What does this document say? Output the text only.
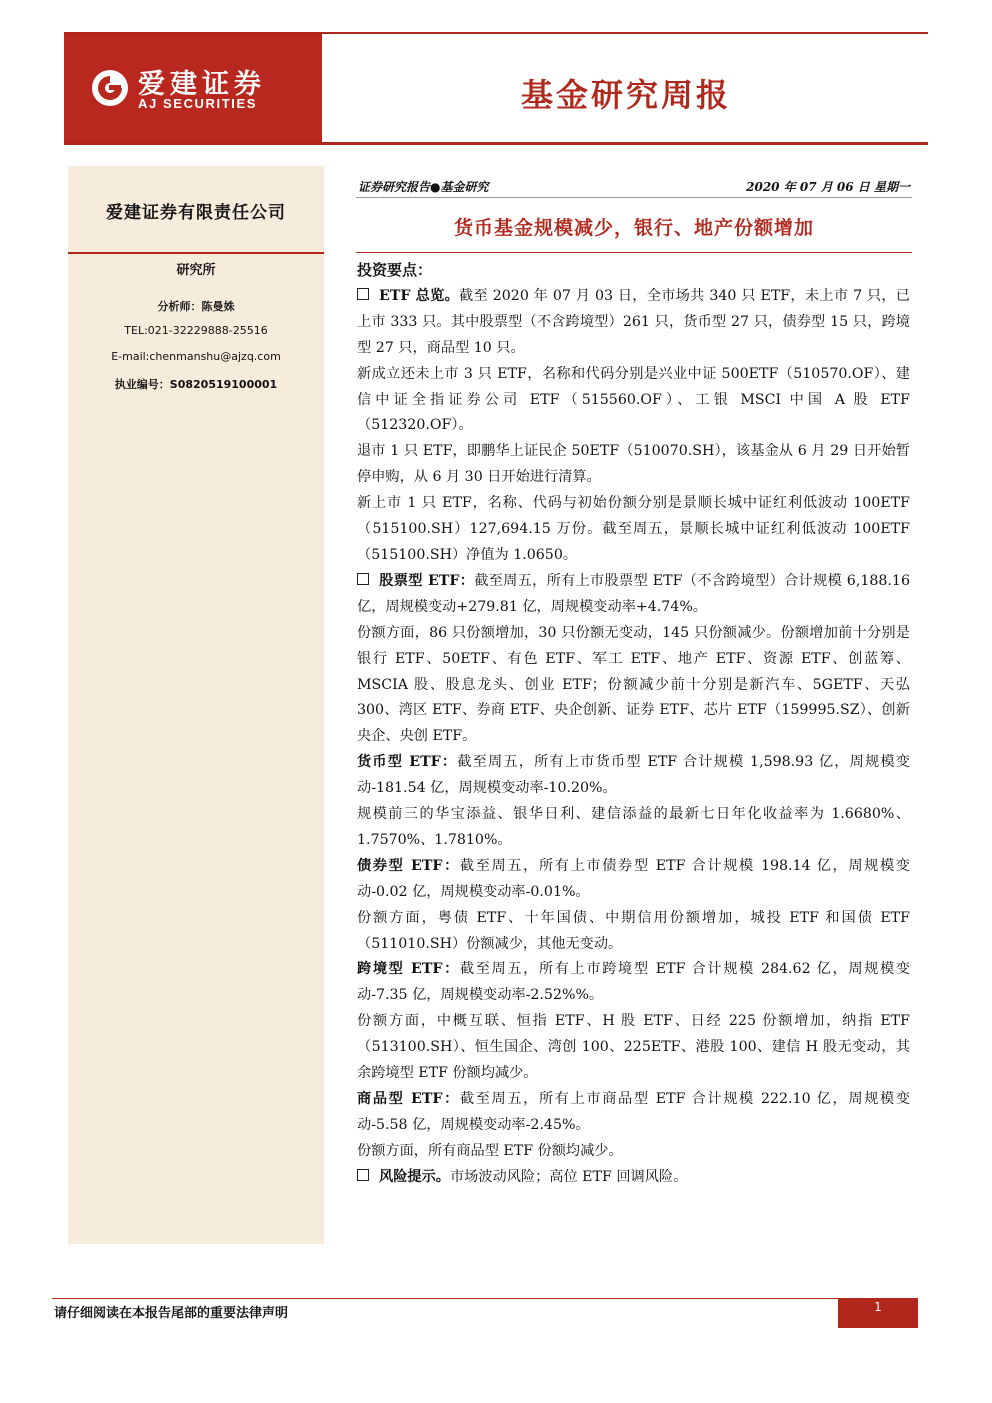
爱建证券
AJ SECURITIES	基金研究周报
爱建证券有限责任公司
研究所
分析师：陈曼姝
TEL:021-32229888-25516
E-mail:chenmanshu@ajzq.com
执业编号：S0820519100001
证券研究报告●基金研究	2020 年 07 月 06 日 星期一
货币基金规模减少，银行、地产份额增加

投资要点：

ETF 总览。截至 2020 年 07 月 03 日，全市场共 340 只 ETF，未上市 7 只，已上市 333 只。其中股票型（不含跨境型）261 只，货币型 27 只，债券型 15 只，跨境型 27 只，商品型 10 只。

新成立还未上市 3 只 ETF，名称和代码分别是兴业中证 500ETF（510570.OF）、建信中证全指证券公司 ETF（515560.OF）、工银 MSCI 中国 A 股 ETF（512320.OF）。

退市 1 只 ETF，即鹏华上证民企 50ETF（510070.SH），该基金从 6 月 29 日开始暂停申购，从 6 月 30 日开始进行清算。

新上市 1 只 ETF，名称、代码与初始份额分别是景顺长城中证红利低波动 100ETF（515100.SH）127,694.15 万份。截至周五，景顺长城中证红利低波动 100ETF（515100.SH）净值为 1.0650。

股票型 ETF：截至周五，所有上市股票型 ETF（不含跨境型）合计规模 6,188.16 亿，周规模变动+279.81 亿，周规模变动率+4.74%。

份额方面，86 只份额增加，30 只份额无变动，145 只份额减少。份额增加前十分别是银行 ETF、50ETF、有色 ETF、军工 ETF、地产 ETF、资源 ETF、创蓝筹、MSCIA 股、股息龙头、创业 ETF；份额减少前十分别是新汽车、5GETF、天弘 300、湾区 ETF、券商 ETF、央企创新、证券 ETF、芯片 ETF（159995.SZ）、创新央企、央创 ETF。

货币型 ETF：截至周五，所有上市货币型 ETF 合计规模 1,598.93 亿，周规模变动-181.54 亿，周规模变动率-10.20%。

规模前三的华宝添益、银华日利、建信添益的最新七日年化收益率为 1.6680%、1.7570%、1.7810%。

债券型 ETF：截至周五，所有上市债券型 ETF 合计规模 198.14 亿，周规模变动-0.02 亿，周规模变动率-0.01%。

份额方面，粤债 ETF、十年国债、中期信用份额增加，城投 ETF 和国债 ETF（511010.SH）份额减少，其他无变动。

跨境型 ETF：截至周五，所有上市跨境型 ETF 合计规模 284.62 亿，周规模变动-7.35 亿，周规模变动率-2.52%%。

份额方面，中概互联、恒指 ETF、H 股 ETF、日经 225 份额增加，纳指 ETF（513100.SH）、恒生国企、湾创 100、225ETF、港股 100、建信 H 股无变动，其余跨境型 ETF 份额均减少。

商品型 ETF：截至周五，所有上市商品型 ETF 合计规模 222.10 亿，周规模变动-5.58 亿，周规模变动率-2.45%。

份额方面，所有商品型 ETF 份额均减少。

风险提示。市场波动风险；高位 ETF 回调风险。

请仔细阅读在本报告尾部的重要法律声明	1
